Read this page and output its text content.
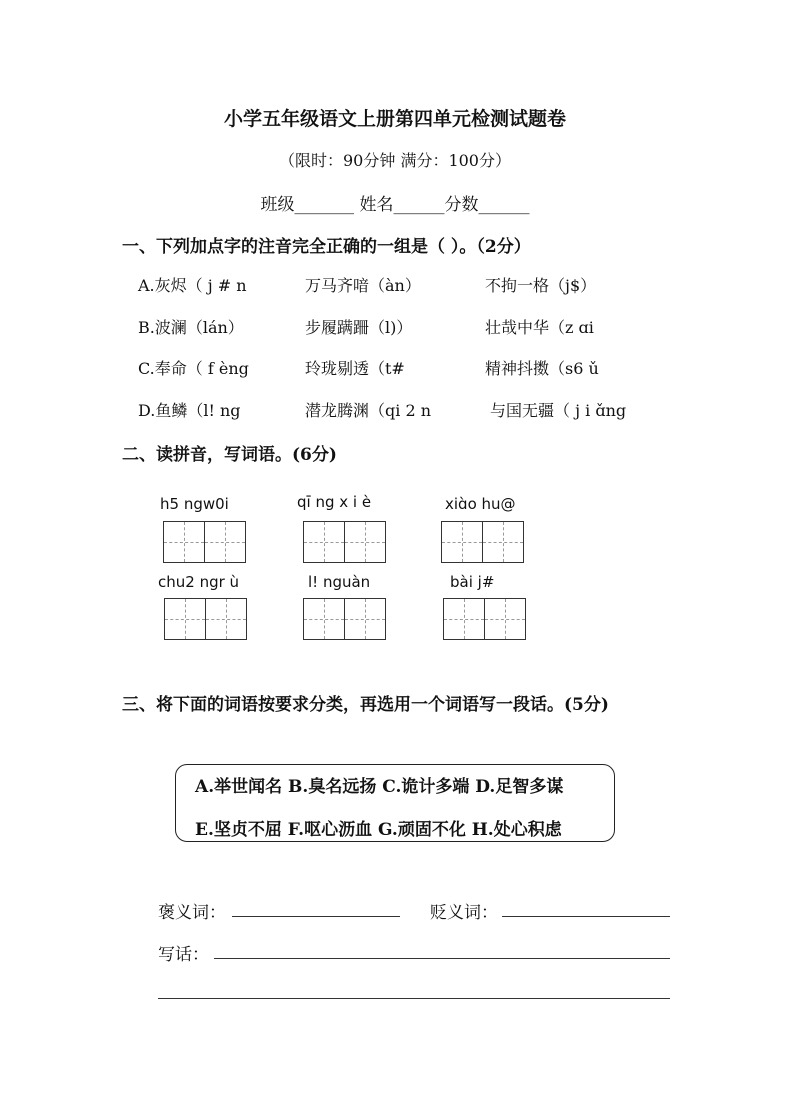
小学五年级语文上册第四单元检测试题卷
（限时：90分钟 满分：100分）
班级_______ 姓名______分数______
一、下列加点字的注音完全正确的一组是（ ）。（2分）
A.灰烬（ j # n	万马齐喑（àn）	不拘一格（j$）
B.波澜（lán）	步履蹒跚（l)）	壮哉中华（z ɑi
C.奉命（ f èng	玲珑剔透（t#	精神抖擞（s6 ǔ
D.鱼鳞（l! ng	潜龙腾渊（qi 2 n	与国无疆（ j i ɑ̌ng
二、读拼音，写词语。(6分)
h5 ngw0i	qī ng x i è	xiɑ̀o hu@
chu2 ngr ù	l! nguàn	bài j#
三、将下面的词语按要求分类，再选用一个词语写一段话。(5分)
A.举世闻名 B.臭名远扬 C.诡计多端 D.足智多谋
E.坚贞不屈 F.呕心沥血 G.顽固不化 H.处心积虑
褒义词：	贬义词：
写话：
